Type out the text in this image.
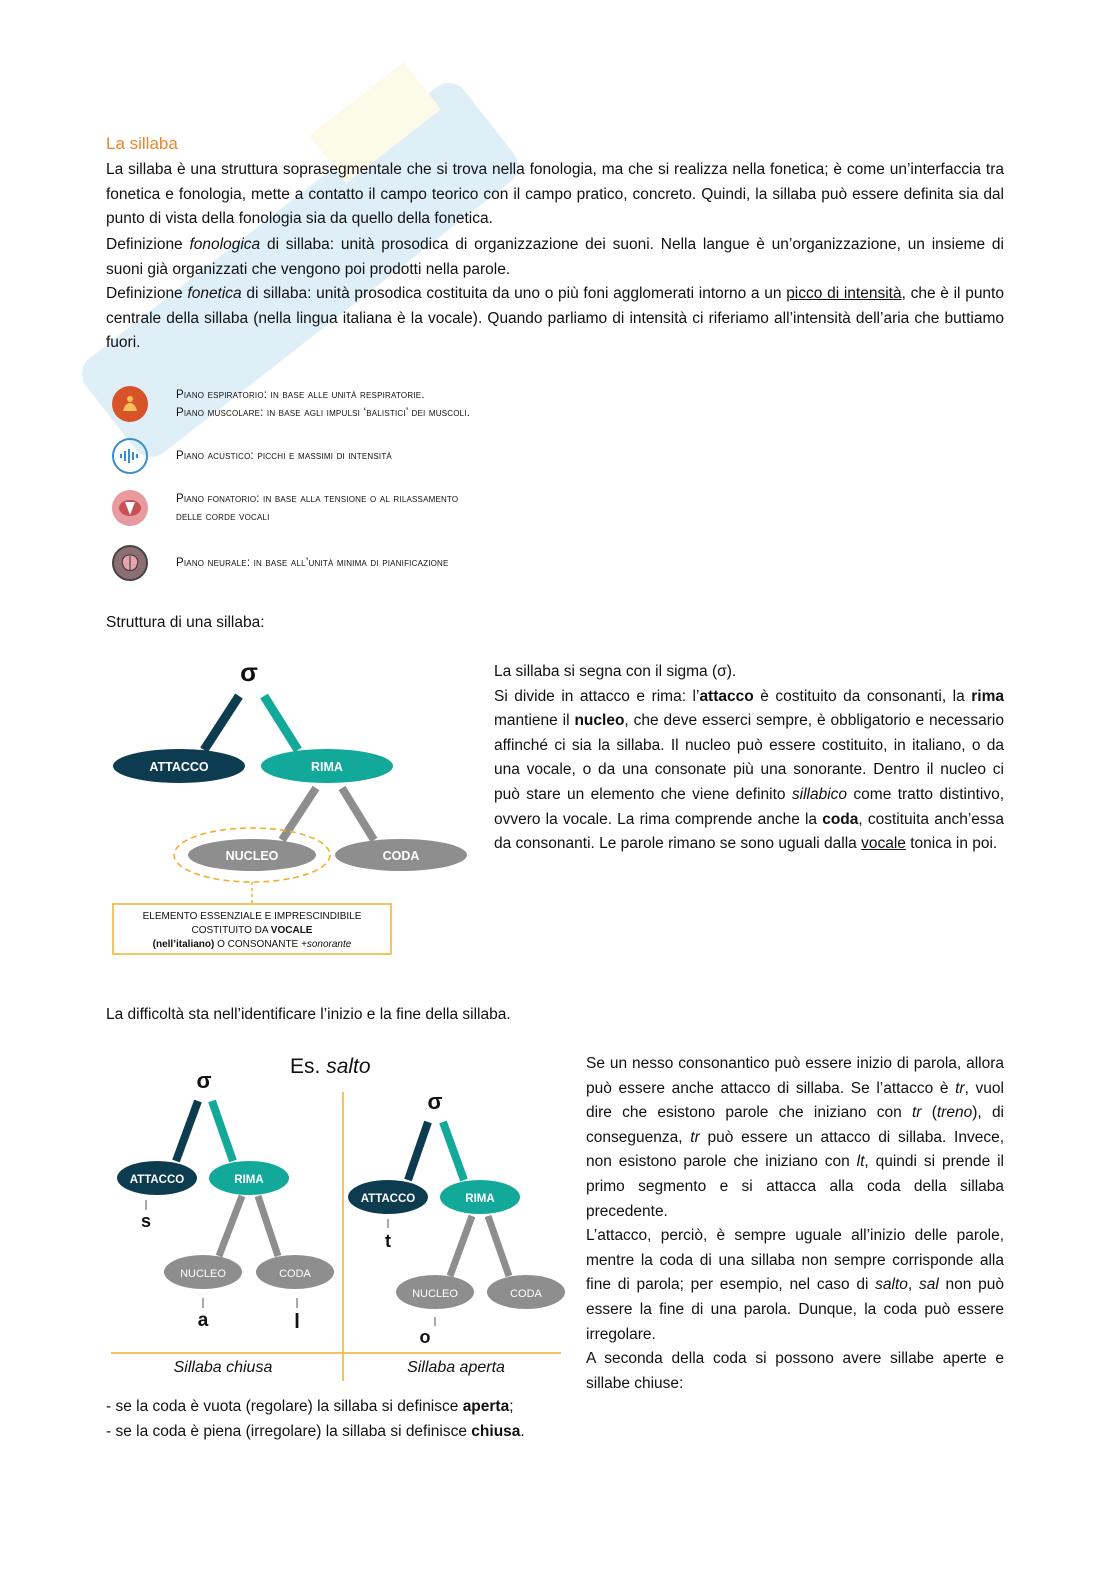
La sillaba
La sillaba è una struttura soprasegmentale che si trova nella fonologia, ma che si realizza nella fonetica; è come un’interfaccia tra fonetica e fonologia, mette a contatto il campo teorico con il campo pratico, concreto. Quindi, la sillaba può essere definita sia dal punto di vista della fonologia sia da quello della fonetica.
Definizione fonologica di sillaba: unità prosodica di organizzazione dei suoni. Nella langue è un’organizzazione, un insieme di suoni già organizzati che vengono poi prodotti nella parole.
Definizione fonetica di sillaba: unità prosodica costituita da uno o più foni agglomerati intorno a un picco di intensità, che è il punto centrale della sillaba (nella lingua italiana è la vocale). Quando parliamo di intensità ci riferiamo all’intensità dell’aria che buttiamo fuori.
Piano espiratorio: in base alle unità respiratorie.
Piano muscolare: in base agli impulsi ‘balistici’ dei muscoli.
Piano acustico: picchi e massimi di intensità
Piano fonatorio: in base alla tensione o al rilassamento
delle corde vocali
Piano neurale: in base all’unità minima di pianificazione
Struttura di una sillaba:
σ
ATTACCO	RIMA
NUCLEO	CODA
ELEMENTO ESSENZIALE E IMPRESCINDIBILE
COSTITUITO DA VOCALE
(nell’italiano) O CONSONANTE +sonorante
La sillaba si segna con il sigma (σ).
Si divide in attacco e rima: l’attacco è costituito da consonanti, la rima mantiene il nucleo, che deve esserci sempre, è obbligatorio e necessario affinché ci sia la sillaba. Il nucleo può essere costituito, in italiano, o da una vocale, o da una consonate più una sonorante. Dentro il nucleo ci può stare un elemento che viene definito sillabico come tratto distintivo, ovvero la vocale. La rima comprende anche la coda, costituita anch’essa da consonanti. Le parole rimano se sono uguali dalla vocale tonica in poi.
La difficoltà sta nell’identificare l’inizio e la fine della sillaba.
Es. salto
σ
ATTACCO	RIMA
s
NUCLEO	CODA
a	l
σ
ATTACCO	RIMA
t
NUCLEO	CODA
o
Sillaba chiusa	Sillaba aperta
Se un nesso consonantico può essere inizio di parola, allora può essere anche attacco di sillaba. Se l’attacco è tr, vuol dire che esistono parole che iniziano con tr (treno), di conseguenza, tr può essere un attacco di sillaba. Invece, non esistono parole che iniziano con lt, quindi si prende il primo segmento e si attacca alla coda della sillaba precedente.
L’attacco, perciò, è sempre uguale all’inizio delle parole, mentre la coda di una sillaba non sempre corrisponde alla fine di parola; per esempio, nel caso di salto, sal non può essere la fine di una parola. Dunque, la coda può essere irregolare.
A seconda della coda si possono avere sillabe aperte e sillabe chiuse:
- se la coda è vuota (regolare) la sillaba si definisce aperta;
- se la coda è piena (irregolare) la sillaba si definisce chiusa.
